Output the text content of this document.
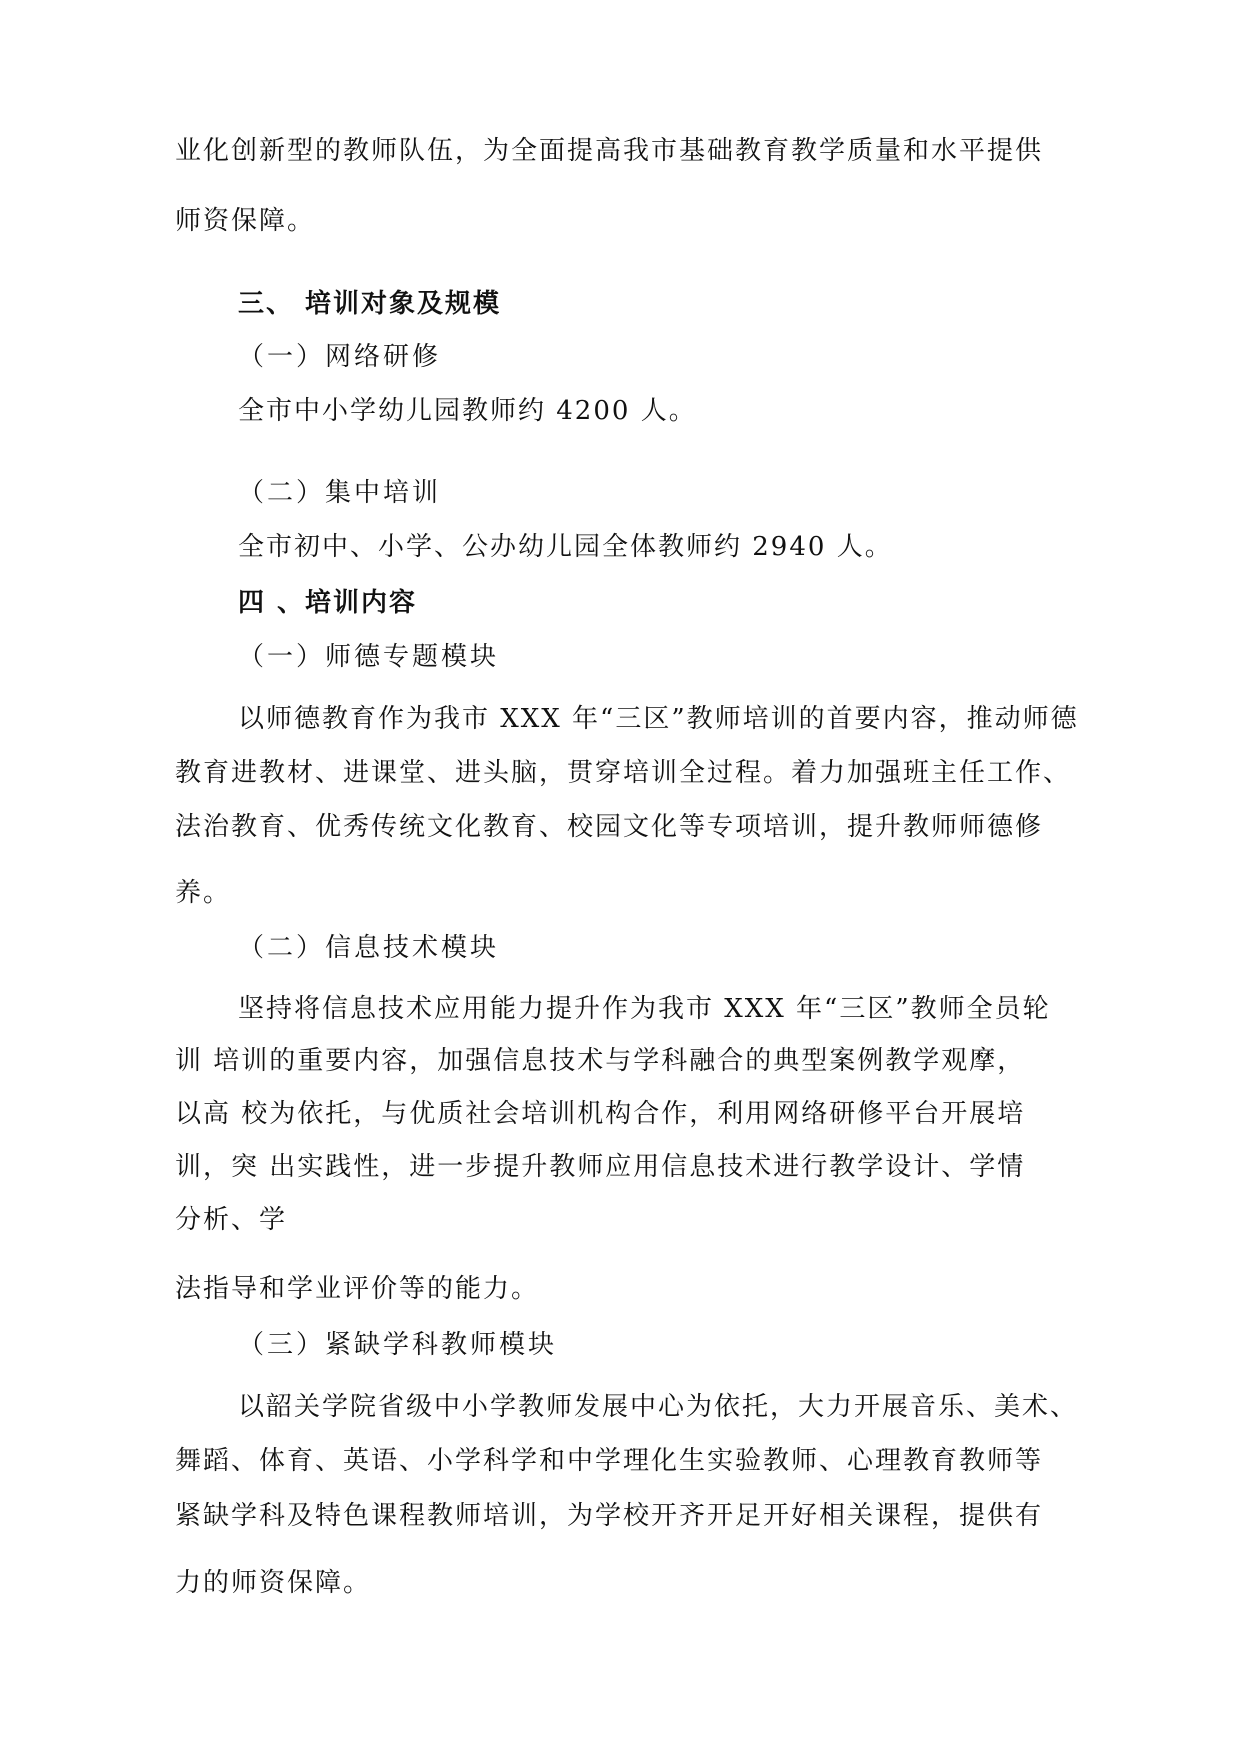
业化创新型的教师队伍，为全面提高我市基础教育教学质量和水平提供
师资保障。
三、 培训对象及规模
（一）网络研修
全市中小学幼儿园教师约 4200 人。
（二）集中培训
全市初中、小学、公办幼儿园全体教师约 2940 人。
四 、培训内容
（一）师德专题模块
以师德教育作为我市 XXX 年“三区”教师培训的首要内容，推动师德
教育进教材、进课堂、进头脑，贯穿培训全过程。着力加强班主任工作、
法治教育、优秀传统文化教育、校园文化等专项培训，提升教师师德修
养。
（二）信息技术模块
坚持将信息技术应用能力提升作为我市 XXX 年“三区”教师全员轮
训 培训的重要内容，加强信息技术与学科融合的典型案例教学观摩，
以高 校为依托，与优质社会培训机构合作，利用网络研修平台开展培
训，突 出实践性，进一步提升教师应用信息技术进行教学设计、学情
分析、学
法指导和学业评价等的能力。
（三）紧缺学科教师模块
以韶关学院省级中小学教师发展中心为依托，大力开展音乐、美术、
舞蹈、体育、英语、小学科学和中学理化生实验教师、心理教育教师等
紧缺学科及特色课程教师培训，为学校开齐开足开好相关课程，提供有
力的师资保障。
